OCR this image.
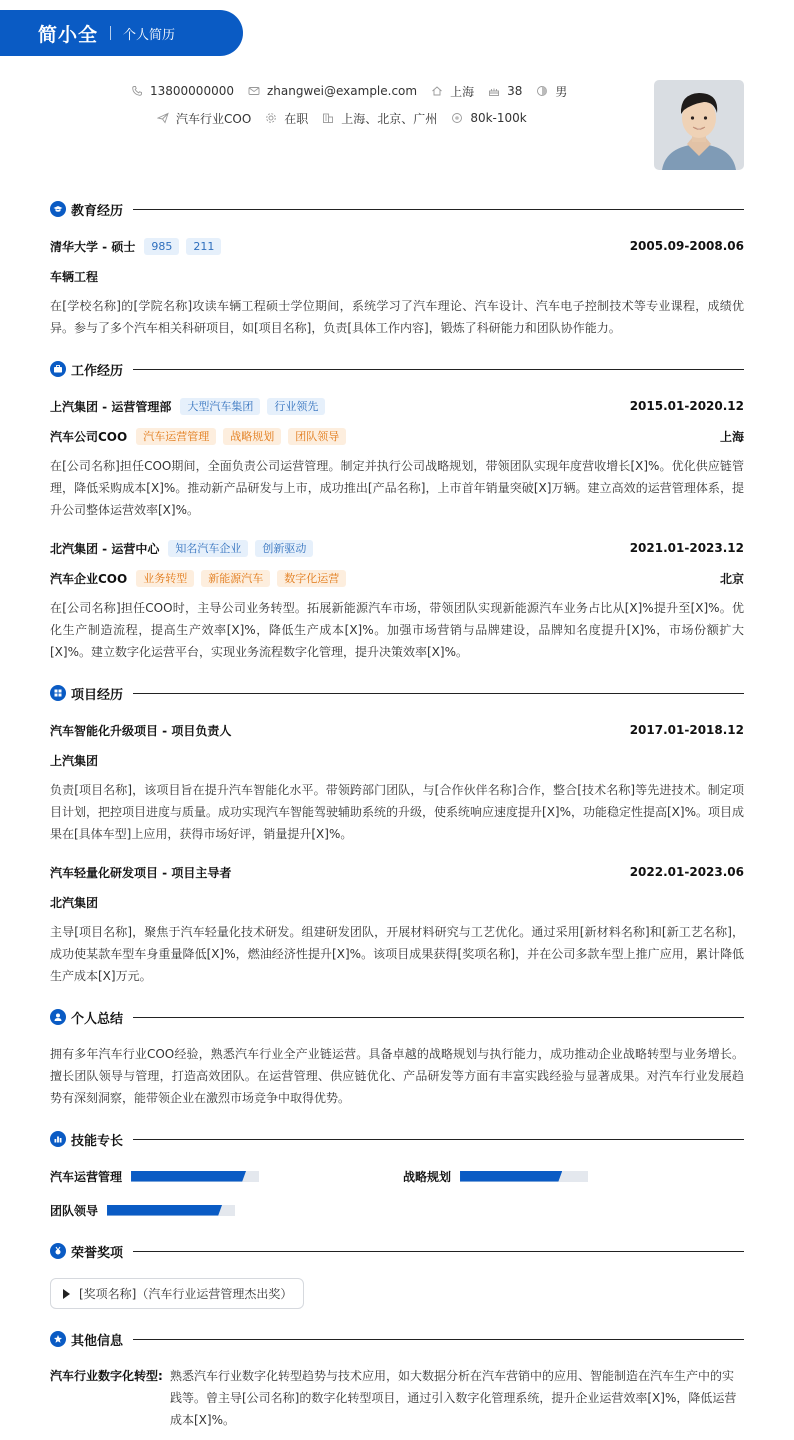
简小全 个人简历
13800000000	zhangwei@example.com	上海	38	男
汽车行业COO	在职	上海、北京、广州	80k-100k
教育经历
清华大学 - 硕士	985	211	2005.09-2008.06
车辆工程
在[学校名称]的[学院名称]攻读车辆工程硕士学位期间，系统学习了汽车理论、汽车设计、汽车电子控制技术等专业课程，成绩优异。参与了多个汽车相关科研项目，如[项目名称]，负责[具体工作内容]，锻炼了科研能力和团队协作能力。
工作经历
上汽集团 - 运营管理部	大型汽车集团	行业领先	2015.01-2020.12
汽车公司COO	汽车运营管理	战略规划	团队领导	上海
在[公司名称]担任COO期间，全面负责公司运营管理。制定并执行公司战略规划，带领团队实现年度营收增长[X]%。优化供应链管理，降低采购成本[X]%。推动新产品研发与上市，成功推出[产品名称]，上市首年销量突破[X]万辆。建立高效的运营管理体系，提升公司整体运营效率[X]%。
北汽集团 - 运营中心	知名汽车企业	创新驱动	2021.01-2023.12
汽车企业COO	业务转型	新能源汽车	数字化运营	北京
在[公司名称]担任COO时，主导公司业务转型。拓展新能源汽车市场，带领团队实现新能源汽车业务占比从[X]%提升至[X]%。优化生产制造流程，提高生产效率[X]%，降低生产成本[X]%。加强市场营销与品牌建设，品牌知名度提升[X]%，市场份额扩大[X]%。建立数字化运营平台，实现业务流程数字化管理，提升决策效率[X]%。
项目经历
汽车智能化升级项目 - 项目负责人	2017.01-2018.12
上汽集团
负责[项目名称]，该项目旨在提升汽车智能化水平。带领跨部门团队，与[合作伙伴名称]合作，整合[技术名称]等先进技术。制定项目计划，把控项目进度与质量。成功实现汽车智能驾驶辅助系统的升级，使系统响应速度提升[X]%，功能稳定性提高[X]%。项目成果在[具体车型]上应用，获得市场好评，销量提升[X]%。
汽车轻量化研发项目 - 项目主导者	2022.01-2023.06
北汽集团
主导[项目名称]，聚焦于汽车轻量化技术研发。组建研发团队，开展材料研究与工艺优化。通过采用[新材料名称]和[新工艺名称]，成功使某款车型车身重量降低[X]%，燃油经济性提升[X]%。该项目成果获得[奖项名称]，并在公司多款车型上推广应用，累计降低生产成本[X]万元。
个人总结
拥有多年汽车行业COO经验，熟悉汽车行业全产业链运营。具备卓越的战略规划与执行能力，成功推动企业战略转型与业务增长。擅长团队领导与管理，打造高效团队。在运营管理、供应链优化、产品研发等方面有丰富实践经验与显著成果。对汽车行业发展趋势有深刻洞察，能带领企业在激烈市场竞争中取得优势。
技能专长
汽车运营管理	战略规划
团队领导
荣誉奖项
[奖项名称]（汽车行业运营管理杰出奖）
其他信息
汽车行业数字化转型: 熟悉汽车行业数字化转型趋势与技术应用，如大数据分析在汽车营销中的应用、智能制造在汽车生产中的实践等。曾主导[公司名称]的数字化转型项目，通过引入数字化管理系统，提升企业运营效率[X]%，降低运营成本[X]%。
